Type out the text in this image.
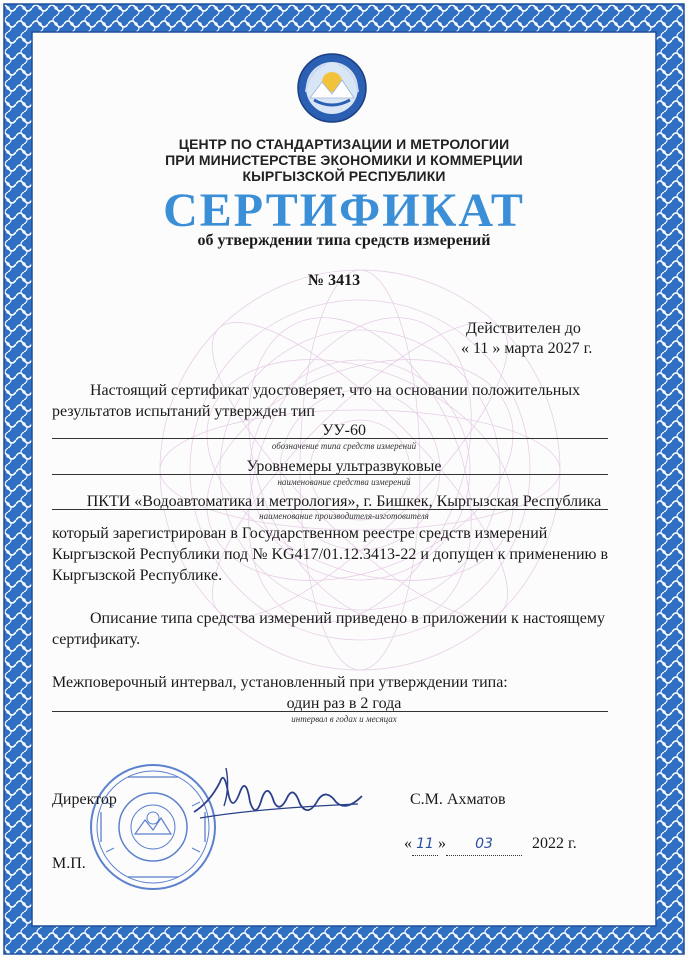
ЦЕНТР ПО СТАНДАРТИЗАЦИИ И МЕТРОЛОГИИ
ПРИ МИНИСТЕРСТВЕ ЭКОНОМИКИ И КОММЕРЦИИ
КЫРГЫЗСКОЙ РЕСПУБЛИКИ
СЕРТИФИКАТ
об утверждении типа средств измерений
№ 3413
Действителен до
« 11 » марта 2027 г.
Настоящий сертификат удостоверяет, что на основании положительных
результатов испытаний утвержден тип
УУ-60
обозначение типа средств измерений
Уровнемеры ультразвуковые
наименование средства измерений
ПКТИ «Водоавтоматика и метрология», г. Бишкек, Кыргызская Республика
наименование производителя-изготовителя
который зарегистрирован в Государственном реестре средств измерений
Кыргызской Республики под № KG417/01.12.3413-22 и допущен к применению в
Кыргызской Республике.
Описание типа средства измерений приведено в приложении к настоящему
сертификату.
Межповерочный интервал, установленный при утверждении типа:
один раз в 2 года
интервал в годах и месяцах
Директор	С.М. Ахматов
« 11 » 03 2022 г.
М.П.
